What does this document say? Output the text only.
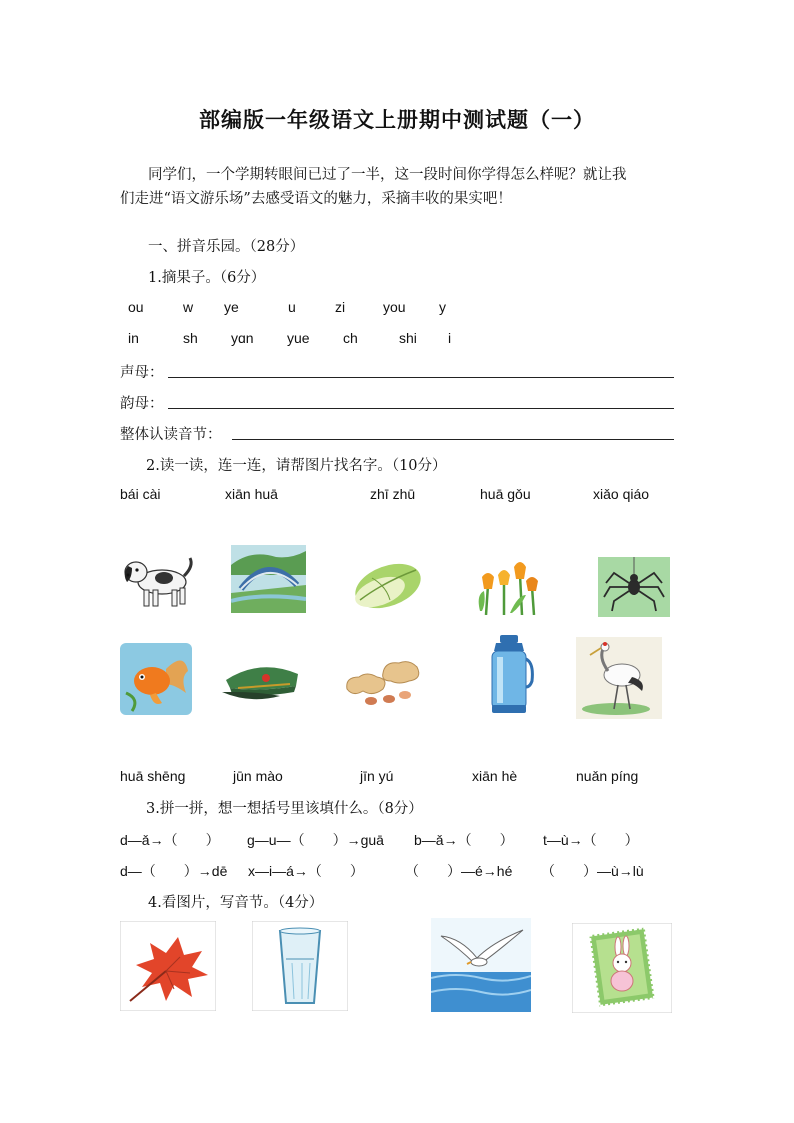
部编版一年级语文上册期中测试题（一）
同学们，一个学期转眼间已过了一半，这一段时间你学得怎么样呢？就让我
们走进“语文游乐场”去感受语文的魅力，采摘丰收的果实吧！
一、拼音乐园。（28分）
1.摘果子。（6分）
ou	w ye	u	zi	you y
in	sh yɑn yue ch	shi i
声母：
韵母：
整体认读音节：
2.读一读，连一连，请帮图片找名字。（10分）
bái cài	xiān huā	zhī zhū	huā gǒu	xiǎo qiáo
huā shēng	jūn mào	jīn yú	xiān hè	nuǎn píng
3.拼一拼，想一想括号里该填什么。（8分）
d—ǎ→（　　） g—u—（　　）→guā b—ǎ→（　　） t—ù→（　　）
d—（　　）→dē x—i—á→（　　）	（　　）—é→hé （　　）—ù→lù
4.看图片，写音节。（4分）
